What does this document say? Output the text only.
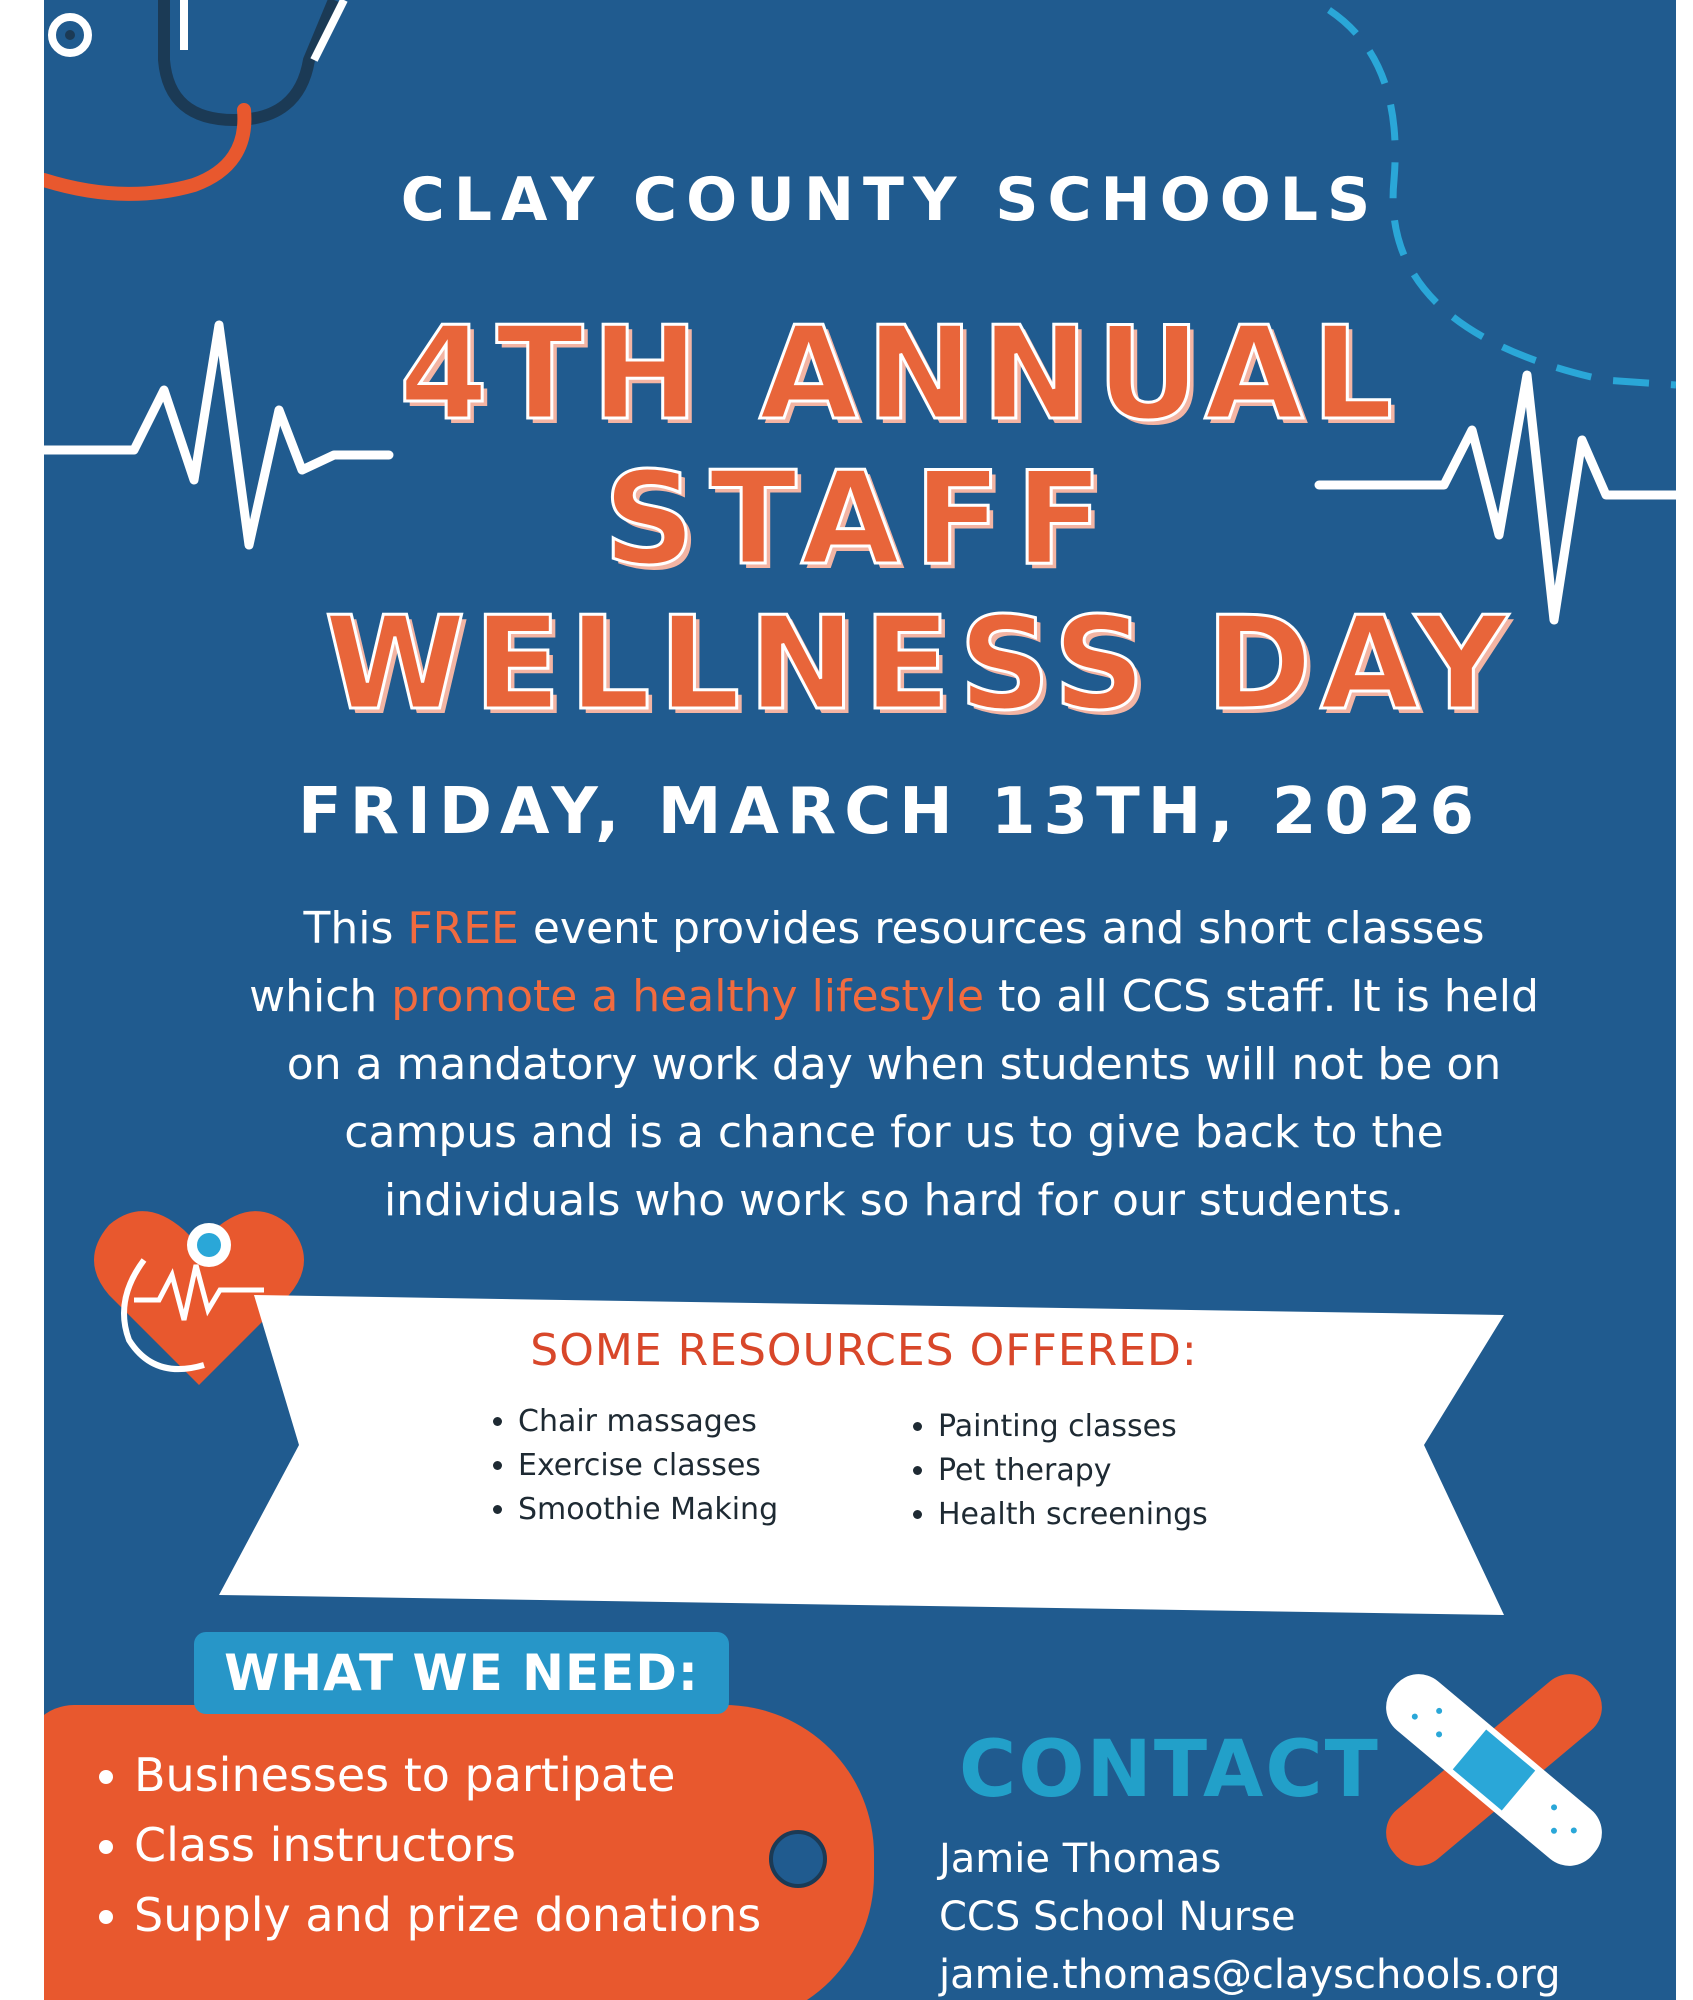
CLAY COUNTY SCHOOLS
4TH ANNUAL
STAFF
WELLNESS DAY
FRIDAY, MARCH 13TH, 2026
This FREE event provides resources and short classes which promote a healthy lifestyle to all CCS staff. It is held on a mandatory work day when students will not be on campus and is a chance for us to give back to the individuals who work so hard for our students.
SOME RESOURCES OFFERED:
• Chair massages
• Exercise classes
• Smoothie Making
• Painting classes
• Pet therapy
• Health screenings
WHAT WE NEED:
• Businesses to partipate
• Class instructors
• Supply and prize donations
CONTACT
Jamie Thomas
CCS School Nurse
jamie.thomas@clayschools.org
